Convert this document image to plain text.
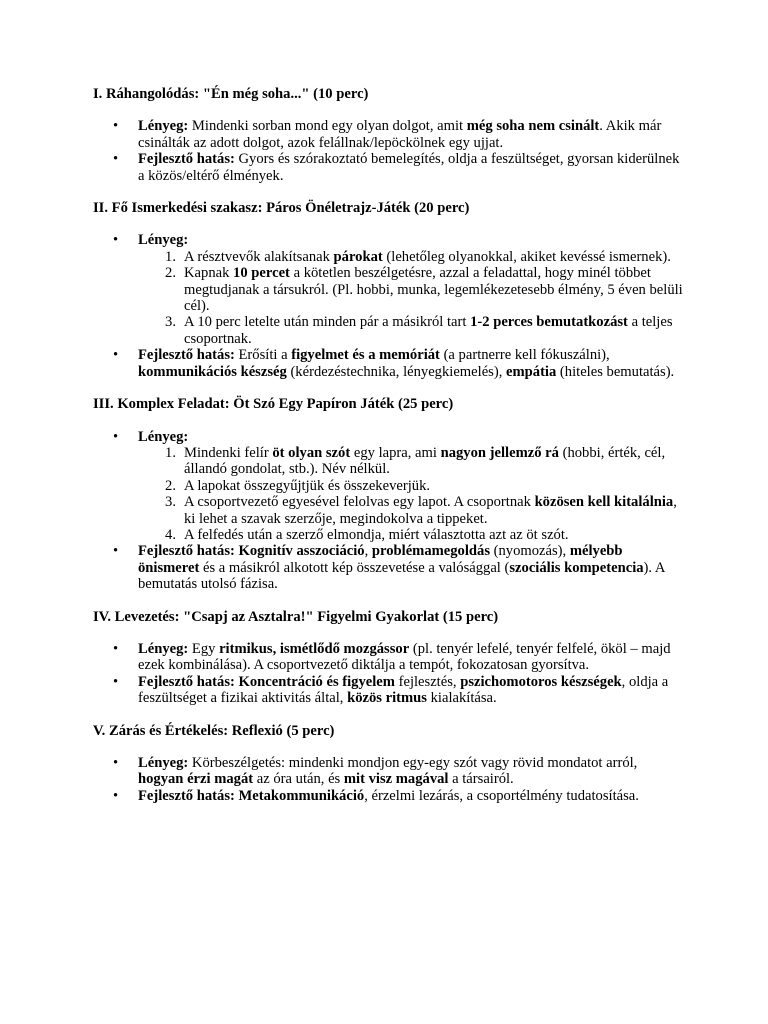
I. Ráhangolódás: "Én még soha..." (10 perc)
• Lényeg: Mindenki sorban mond egy olyan dolgot, amit még soha nem csinált. Akik már csinálták az adott dolgot, azok felállnak/lepöckölnek egy ujjat.
• Fejlesztő hatás: Gyors és szórakoztató bemelegítés, oldja a feszültséget, gyorsan kiderülnek a közös/eltérő élmények.
II. Fő Ismerkedési szakasz: Páros Önéletrajz-Játék (20 perc)
• Lényeg:
1. A résztvevők alakítsanak párokat (lehetőleg olyanokkal, akiket kevéssé ismernek).
2. Kapnak 10 percet a kötetlen beszélgetésre, azzal a feladattal, hogy minél többet megtudjanak a társukról. (Pl. hobbi, munka, legemlékezetesebb élmény, 5 éven belüli cél).
3. A 10 perc letelte után minden pár a másikról tart 1-2 perces bemutatkozást a teljes csoportnak.
• Fejlesztő hatás: Erősíti a figyelmet és a memóriát (a partnerre kell fókuszálni), kommunikációs készség (kérdezéstechnika, lényegkiemelés), empátia (hiteles bemutatás).
III. Komplex Feladat: Öt Szó Egy Papíron Játék (25 perc)
• Lényeg:
1. Mindenki felír öt olyan szót egy lapra, ami nagyon jellemző rá (hobbi, érték, cél, állandó gondolat, stb.). Név nélkül.
2. A lapokat összegyűjtjük és összekeverjük.
3. A csoportvezető egyesével felolvas egy lapot. A csoportnak közösen kell kitalálnia, ki lehet a szavak szerzője, megindokolva a tippeket.
4. A felfedés után a szerző elmondja, miért választotta azt az öt szót.
• Fejlesztő hatás: Kognitív asszociáció, problémamegoldás (nyomozás), mélyebb önismeret és a másikról alkotott kép összevetése a valósággal (szociális kompetencia). A bemutatás utolsó fázisa.
IV. Levezetés: "Csapj az Asztalra!" Figyelmi Gyakorlat (15 perc)
• Lényeg: Egy ritmikus, ismétlődő mozgássor (pl. tenyér lefelé, tenyér felfelé, ököl – majd ezek kombinálása). A csoportvezető diktálja a tempót, fokozatosan gyorsítva.
• Fejlesztő hatás: Koncentráció és figyelem fejlesztés, pszichomotoros készségek, oldja a feszültséget a fizikai aktivitás által, közös ritmus kialakítása.
V. Zárás és Értékelés: Reflexió (5 perc)
• Lényeg: Körbeszélgetés: mindenki mondjon egy-egy szót vagy rövid mondatot arról, hogyan érzi magát az óra után, és mit visz magával a társairól.
• Fejlesztő hatás: Metakommunikáció, érzelmi lezárás, a csoportélmény tudatosítása.
